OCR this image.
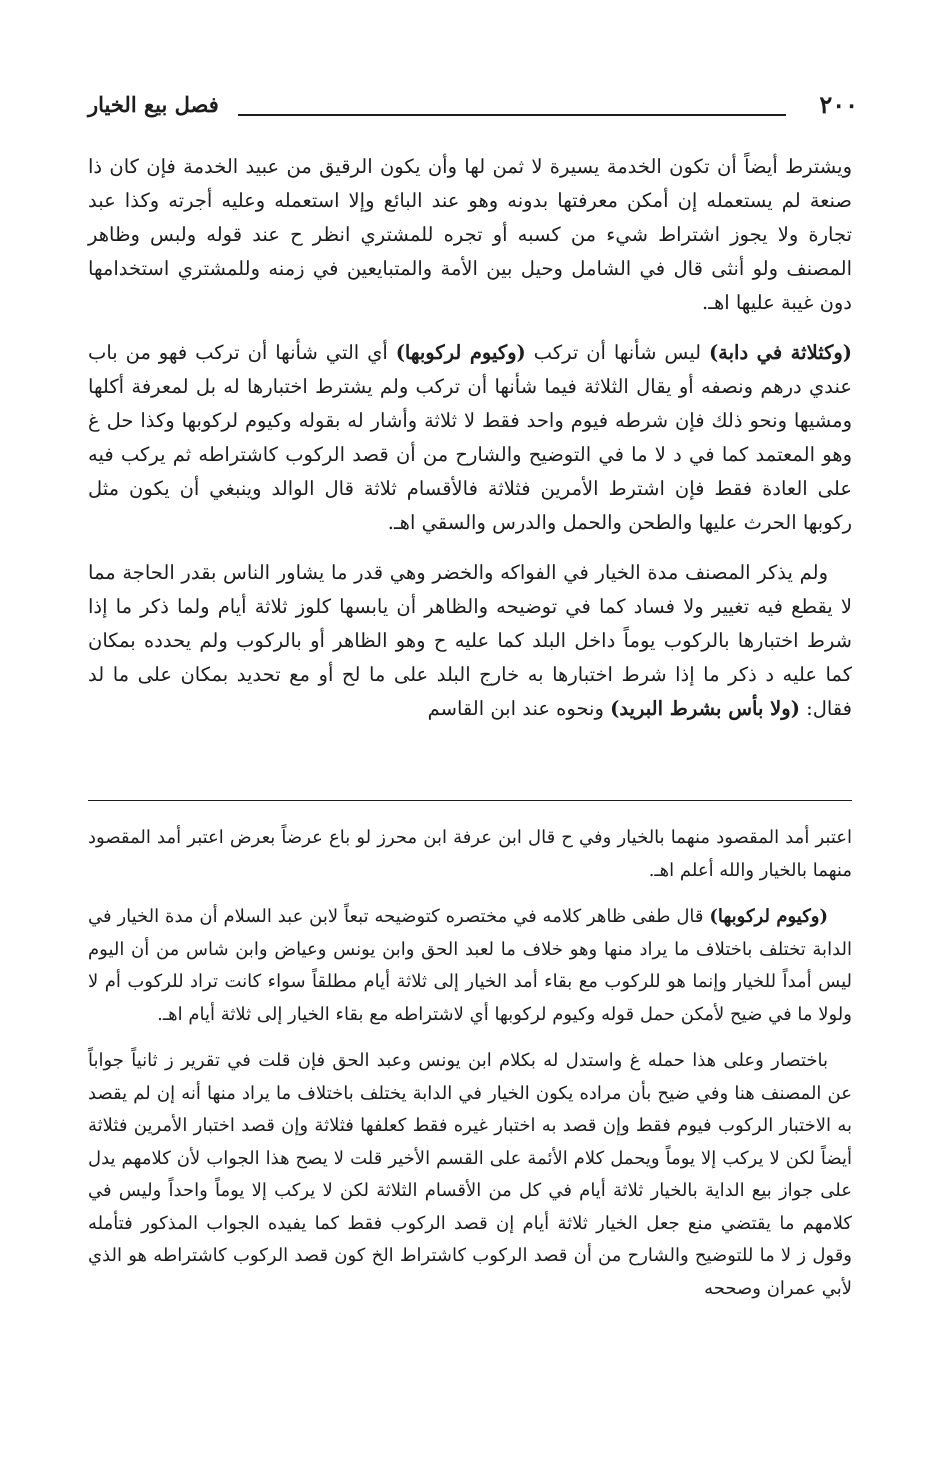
٢٠٠
فصل بيع الخيار

ويشترط أيضاً أن تكون الخدمة يسيرة لا ثمن لها وأن يكون الرقيق من عبيد الخدمة فإن كان ذا صنعة لم يستعمله إن أمكن معرفتها بدونه وهو عند البائع وإلا استعمله وعليه أجرته وكذا عبد تجارة ولا يجوز اشتراط شيء من كسبه أو تجره للمشتري انظر ح عند قوله ولبس وظاهر المصنف ولو أنثى قال في الشامل وحيل بين الأمة والمتبايعين في زمنه وللمشتري استخدامها دون غيبة عليها اهـ.

(وكثلاثة في دابة) ليس شأنها أن تركب (وكيوم لركوبها) أي التي شأنها أن تركب فهو من باب عندي درهم ونصفه أو يقال الثلاثة فيما شأنها أن تركب ولم يشترط اختبارها له بل لمعرفة أكلها ومشيها ونحو ذلك فإن شرطه فيوم واحد فقط لا ثلاثة وأشار له بقوله وكيوم لركوبها وكذا حل غ وهو المعتمد كما في د لا ما في التوضيح والشارح من أن قصد الركوب كاشتراطه ثم يركب فيه على العادة فقط فإن اشترط الأمرين فثلاثة فالأقسام ثلاثة قال الوالد وينبغي أن يكون مثل ركوبها الحرث عليها والطحن والحمل والدرس والسقي اهـ.

ولم يذكر المصنف مدة الخيار في الفواكه والخضر وهي قدر ما يشاور الناس بقدر الحاجة مما لا يقطع فيه تغيير ولا فساد كما في توضيحه والظاهر أن يابسها كلوز ثلاثة أيام ولما ذكر ما إذا شرط اختبارها بالركوب يوماً داخل البلد كما عليه ح وهو الظاهر أو بالركوب ولم يحدده بمكان كما عليه د ذكر ما إذا شرط اختبارها به خارج البلد على ما لح أو مع تحديد بمكان على ما لد فقال: (ولا بأس بشرط البريد) ونحوه عند ابن القاسم

اعتبر أمد المقصود منهما بالخيار وفي ح قال ابن عرفة ابن محرز لو باع عرضاً بعرض اعتبر أمد المقصود منهما بالخيار والله أعلم اهـ.

(وكيوم لركوبها) قال طفى ظاهر كلامه في مختصره كتوضيحه تبعاً لابن عبد السلام أن مدة الخيار في الدابة تختلف باختلاف ما يراد منها وهو خلاف ما لعبد الحق وابن يونس وعياض وابن شاس من أن اليوم ليس أمداً للخيار وإنما هو للركوب مع بقاء أمد الخيار إلى ثلاثة أيام مطلقاً سواء كانت تراد للركوب أم لا ولولا ما في ضيح لأمكن حمل قوله وكيوم لركوبها أي لاشتراطه مع بقاء الخيار إلى ثلاثة أيام اهـ.

باختصار وعلى هذا حمله غ واستدل له بكلام ابن يونس وعبد الحق فإن قلت في تقرير ز ثانياً جواباً عن المصنف هنا وفي ضيح بأن مراده يكون الخيار في الدابة يختلف باختلاف ما يراد منها أنه إن لم يقصد به الاختبار الركوب فيوم فقط وإن قصد به اختبار غيره فقط كعلفها فثلاثة وإن قصد اختبار الأمرين فثلاثة أيضاً لكن لا يركب إلا يوماً ويحمل كلام الأئمة على القسم الأخير قلت لا يصح هذا الجواب لأن كلامهم يدل على جواز بيع الداية بالخيار ثلاثة أيام في كل من الأقسام الثلاثة لكن لا يركب إلا يوماً واحداً وليس في كلامهم ما يقتضي منع جعل الخيار ثلاثة أيام إن قصد الركوب فقط كما يفيده الجواب المذكور فتأمله وقول ز لا ما للتوضيح والشارح من أن قصد الركوب كاشتراط الخ كون قصد الركوب كاشتراطه هو الذي لأبي عمران وصححه
